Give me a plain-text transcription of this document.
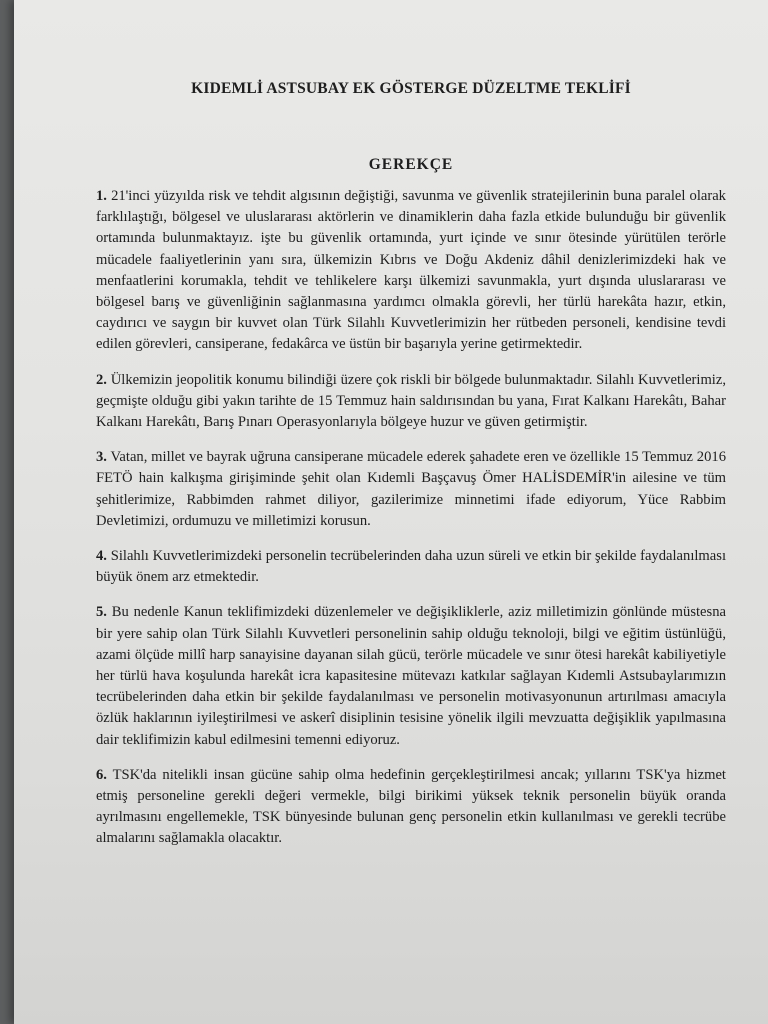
KIDEMLİ ASTSUBAY EK GÖSTERGE DÜZELTME TEKLİFİ
GEREKÇE

1. 21'inci yüzyılda risk ve tehdit algısının değiştiği, savunma ve güvenlik stratejilerinin buna paralel olarak farklılaştığı, bölgesel ve uluslararası aktörlerin ve dinamiklerin daha fazla etkide bulunduğu bir güvenlik ortamında bulunmaktayız. işte bu güvenlik ortamında, yurt içinde ve sınır ötesinde yürütülen terörle mücadele faaliyetlerinin yanı sıra, ülkemizin Kıbrıs ve Doğu Akdeniz dâhil denizlerimizdeki hak ve menfaatlerini korumakla, tehdit ve tehlikelere karşı ülkemizi savunmakla, yurt dışında uluslararası ve bölgesel barış ve güvenliğinin sağlanmasına yardımcı olmakla görevli, her türlü harekâta hazır, etkin, caydırıcı ve saygın bir kuvvet olan Türk Silahlı Kuvvetlerimizin her rütbeden personeli, kendisine tevdi edilen görevleri, cansiperane, fedakârca ve üstün bir başarıyla yerine getirmektedir.

2. Ülkemizin jeopolitik konumu bilindiği üzere çok riskli bir bölgede bulunmaktadır. Silahlı Kuvvetlerimiz, geçmişte olduğu gibi yakın tarihte de 15 Temmuz hain saldırısından bu yana, Fırat Kalkanı Harekâtı, Bahar Kalkanı Harekâtı, Barış Pınarı Operasyonlarıyla bölgeye huzur ve güven getirmiştir.

3. Vatan, millet ve bayrak uğruna cansiperane mücadele ederek şahadete eren ve özellikle 15 Temmuz 2016 FETÖ hain kalkışma girişiminde şehit olan Kıdemli Başçavuş Ömer HALİSDEMİR'in ailesine ve tüm şehitlerimize, Rabbimden rahmet diliyor, gazilerimize minnetimi ifade ediyorum, Yüce Rabbim Devletimizi, ordumuzu ve milletimizi korusun.

4. Silahlı Kuvvetlerimizdeki personelin tecrübelerinden daha uzun süreli ve etkin bir şekilde faydalanılması büyük önem arz etmektedir.

5. Bu nedenle Kanun teklifimizdeki düzenlemeler ve değişikliklerle, aziz milletimizin gönlünde müstesna bir yere sahip olan Türk Silahlı Kuvvetleri personelinin sahip olduğu teknoloji, bilgi ve eğitim üstünlüğü, azami ölçüde millî harp sanayisine dayanan silah gücü, terörle mücadele ve sınır ötesi harekât kabiliyetiyle her türlü hava koşulunda harekât icra kapasitesine mütevazı katkılar sağlayan Kıdemli Astsubaylarımızın tecrübelerinden daha etkin bir şekilde faydalanılması ve personelin motivasyonunun artırılması amacıyla özlük haklarının iyileştirilmesi ve askerî disiplinin tesisine yönelik ilgili mevzuatta değişiklik yapılmasına dair teklifimizin kabul edilmesini temenni ediyoruz.

6. TSK'da nitelikli insan gücüne sahip olma hedefinin gerçekleştirilmesi ancak; yıllarını TSK'ya hizmet etmiş personeline gerekli değeri vermekle, bilgi birikimi yüksek teknik personelin büyük oranda ayrılmasını engellemekle, TSK bünyesinde bulunan genç personelin etkin kullanılması ve gerekli tecrübe almalarını sağlamakla olacaktır.
